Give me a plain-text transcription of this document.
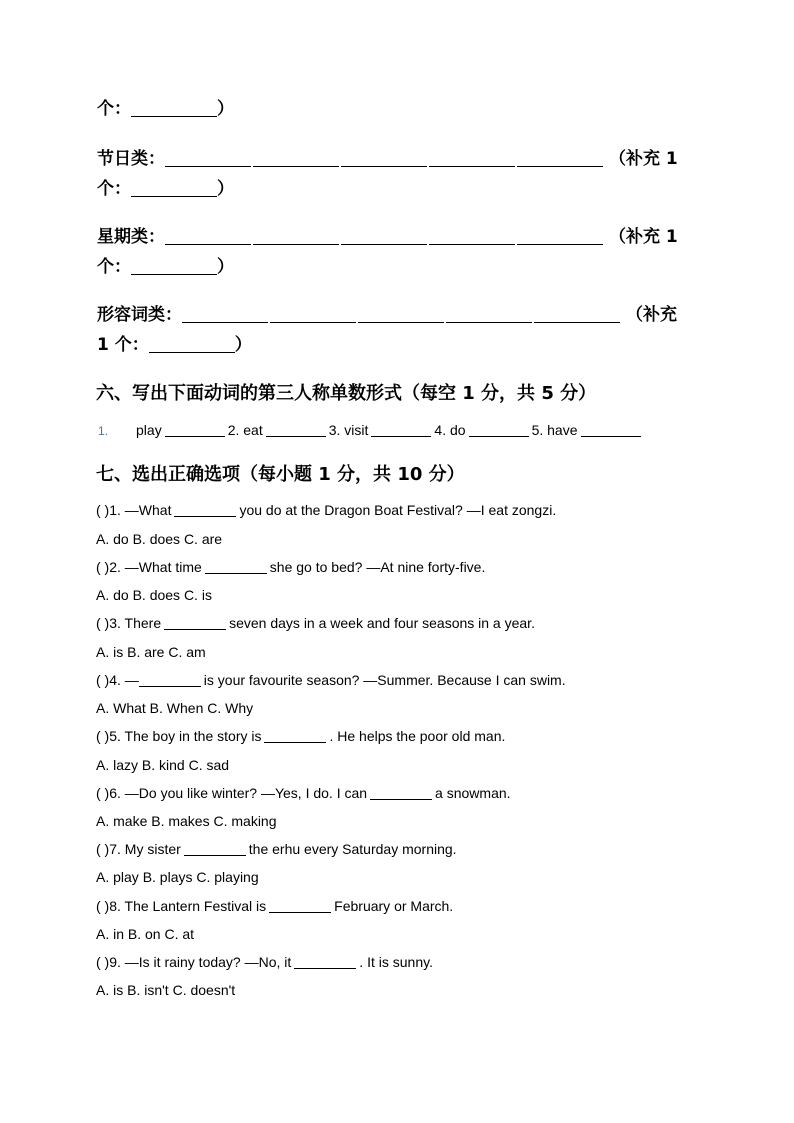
个：	）
节日类：	（补充 1
个：	）
星期类：	（补充 1
个：	）
形容词类：	（补充
1 个：	）
六、写出下面动词的第三人称单数形式（每空 1 分，共 5 分）
1. play	2. eat	3. visit	4. do	5. have
七、选出正确选项（每小题 1 分，共 10 分）
( )1. —What	you do at the Dragon Boat Festival? —I eat zongzi.
A. do B. does C. are
( )2. —What time	she go to bed? —At nine forty-five.
A. do B. does C. is
( )3. There	seven days in a week and four seasons in a year.
A. is B. are C. am
( )4. —	is your favourite season? —Summer. Because I can swim.
A. What B. When C. Why
( )5. The boy in the story is	. He helps the poor old man.
A. lazy B. kind C. sad
( )6. —Do you like winter? —Yes, I do. I can	a snowman.
A. make B. makes C. making
( )7. My sister	the erhu every Saturday morning.
A. play B. plays C. playing
( )8. The Lantern Festival is	February or March.
A. in B. on C. at
( )9. —Is it rainy today? —No, it	. It is sunny.
A. is B. isn't C. doesn't
